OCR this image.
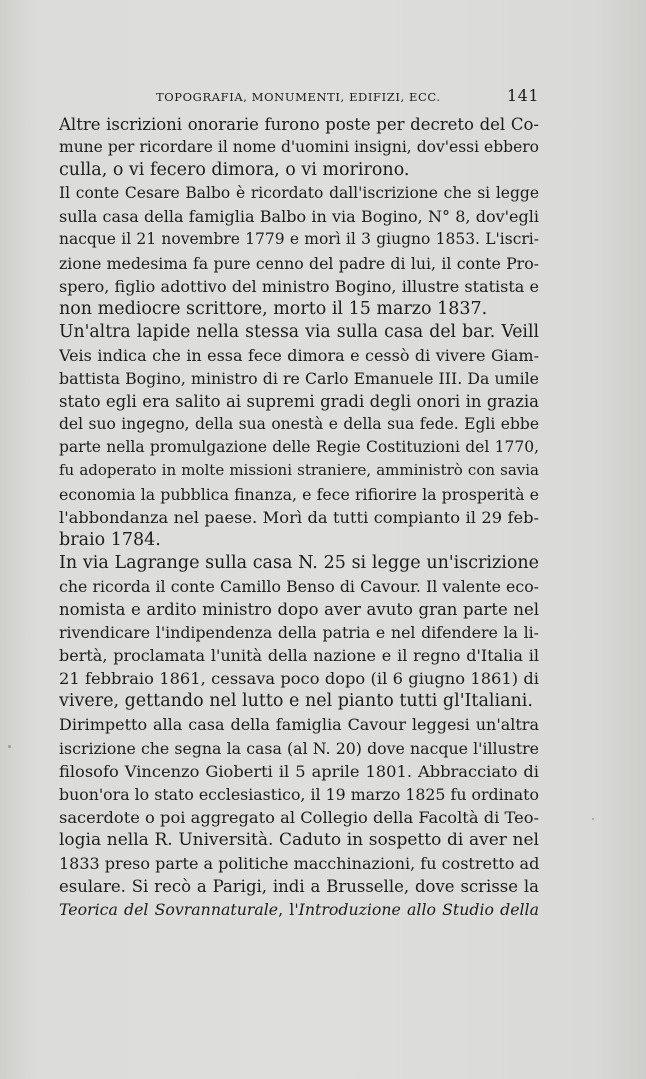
TOPOGRAFIA, MONUMENTI, EDIFIZI, ECC.	141
Altre iscrizioni onorarie furono poste per decreto del Co-
mune per ricordare il nome d'uomini insigni, dov'essi ebbero
culla, o vi fecero dimora, o vi morirono.
Il conte Cesare Balbo è ricordato dall'iscrizione che si legge
sulla casa della famiglia Balbo in via Bogino, N° 8, dov'egli
nacque il 21 novembre 1779 e morì il 3 giugno 1853. L'iscri-
zione medesima fa pure cenno del padre di lui, il conte Pro-
spero, figlio adottivo del ministro Bogino, illustre statista e
non mediocre scrittore, morto il 15 marzo 1837.
Un'altra lapide nella stessa via sulla casa del bar. Veill
Veis indica che in essa fece dimora e cessò di vivere Giam-
battista Bogino, ministro di re Carlo Emanuele III. Da umile
stato egli era salito ai supremi gradi degli onori in grazia
del suo ingegno, della sua onestà e della sua fede. Egli ebbe
parte nella promulgazione delle Regie Costituzioni del 1770,
fu adoperato in molte missioni straniere, amministrò con savia
economia la pubblica finanza, e fece rifiorire la prosperità e
l'abbondanza nel paese. Morì da tutti compianto il 29 feb-
braio 1784.
In via Lagrange sulla casa N. 25 si legge un'iscrizione
che ricorda il conte Camillo Benso di Cavour. Il valente eco-
nomista e ardito ministro dopo aver avuto gran parte nel
rivendicare l'indipendenza della patria e nel difendere la li-
bertà, proclamata l'unità della nazione e il regno d'Italia il
21 febbraio 1861, cessava poco dopo (il 6 giugno 1861) di
vivere, gettando nel lutto e nel pianto tutti gl'Italiani.
Dirimpetto alla casa della famiglia Cavour leggesi un'altra
iscrizione che segna la casa (al N. 20) dove nacque l'illustre
filosofo Vincenzo Gioberti il 5 aprile 1801. Abbracciato di
buon'ora lo stato ecclesiastico, il 19 marzo 1825 fu ordinato
sacerdote o poi aggregato al Collegio della Facoltà di Teo-
logia nella R. Università. Caduto in sospetto di aver nel
1833 preso parte a politiche macchinazioni, fu costretto ad
esulare. Si recò a Parigi, indi a Brusselle, dove scrisse la
Teorica del Sovrannaturale, l'Introduzione allo Studio della
